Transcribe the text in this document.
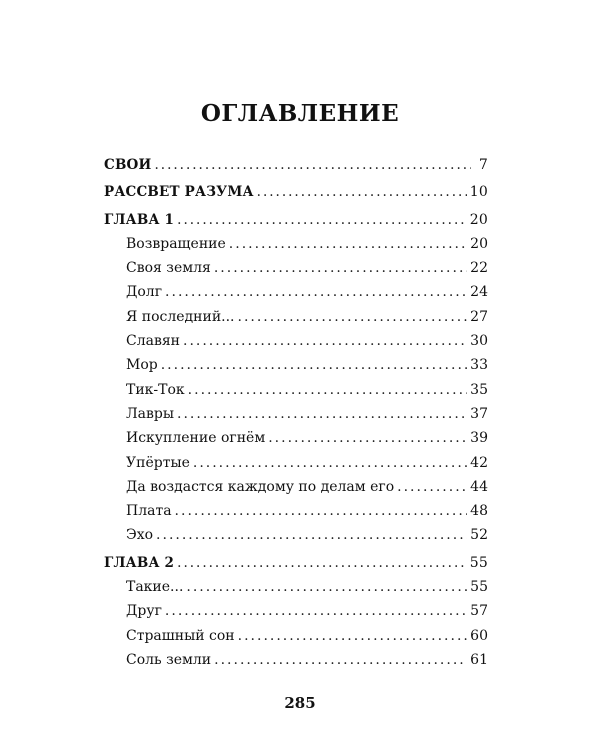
ОГЛАВЛЕНИЕ
СВОИ .....	7
РАССВЕТ РАЗУМА .....	10
ГЛАВА 1 .....	20
Возвращение .....	20
Своя земля .....	22
Долг .....	24
Я последний... .....	27
Славян .....	30
Мор .....	33
Тик-Ток .....	35
Лавры .....	37
Искупление огнём .....	39
Упёртые .....	42
Да воздастся каждому по делам его .....	44
Плата .....	48
Эхо .....	52
ГЛАВА 2 .....	55
Такие... .....	55
Друг .....	57
Страшный сон .....	60
Соль земли .....	61
285
